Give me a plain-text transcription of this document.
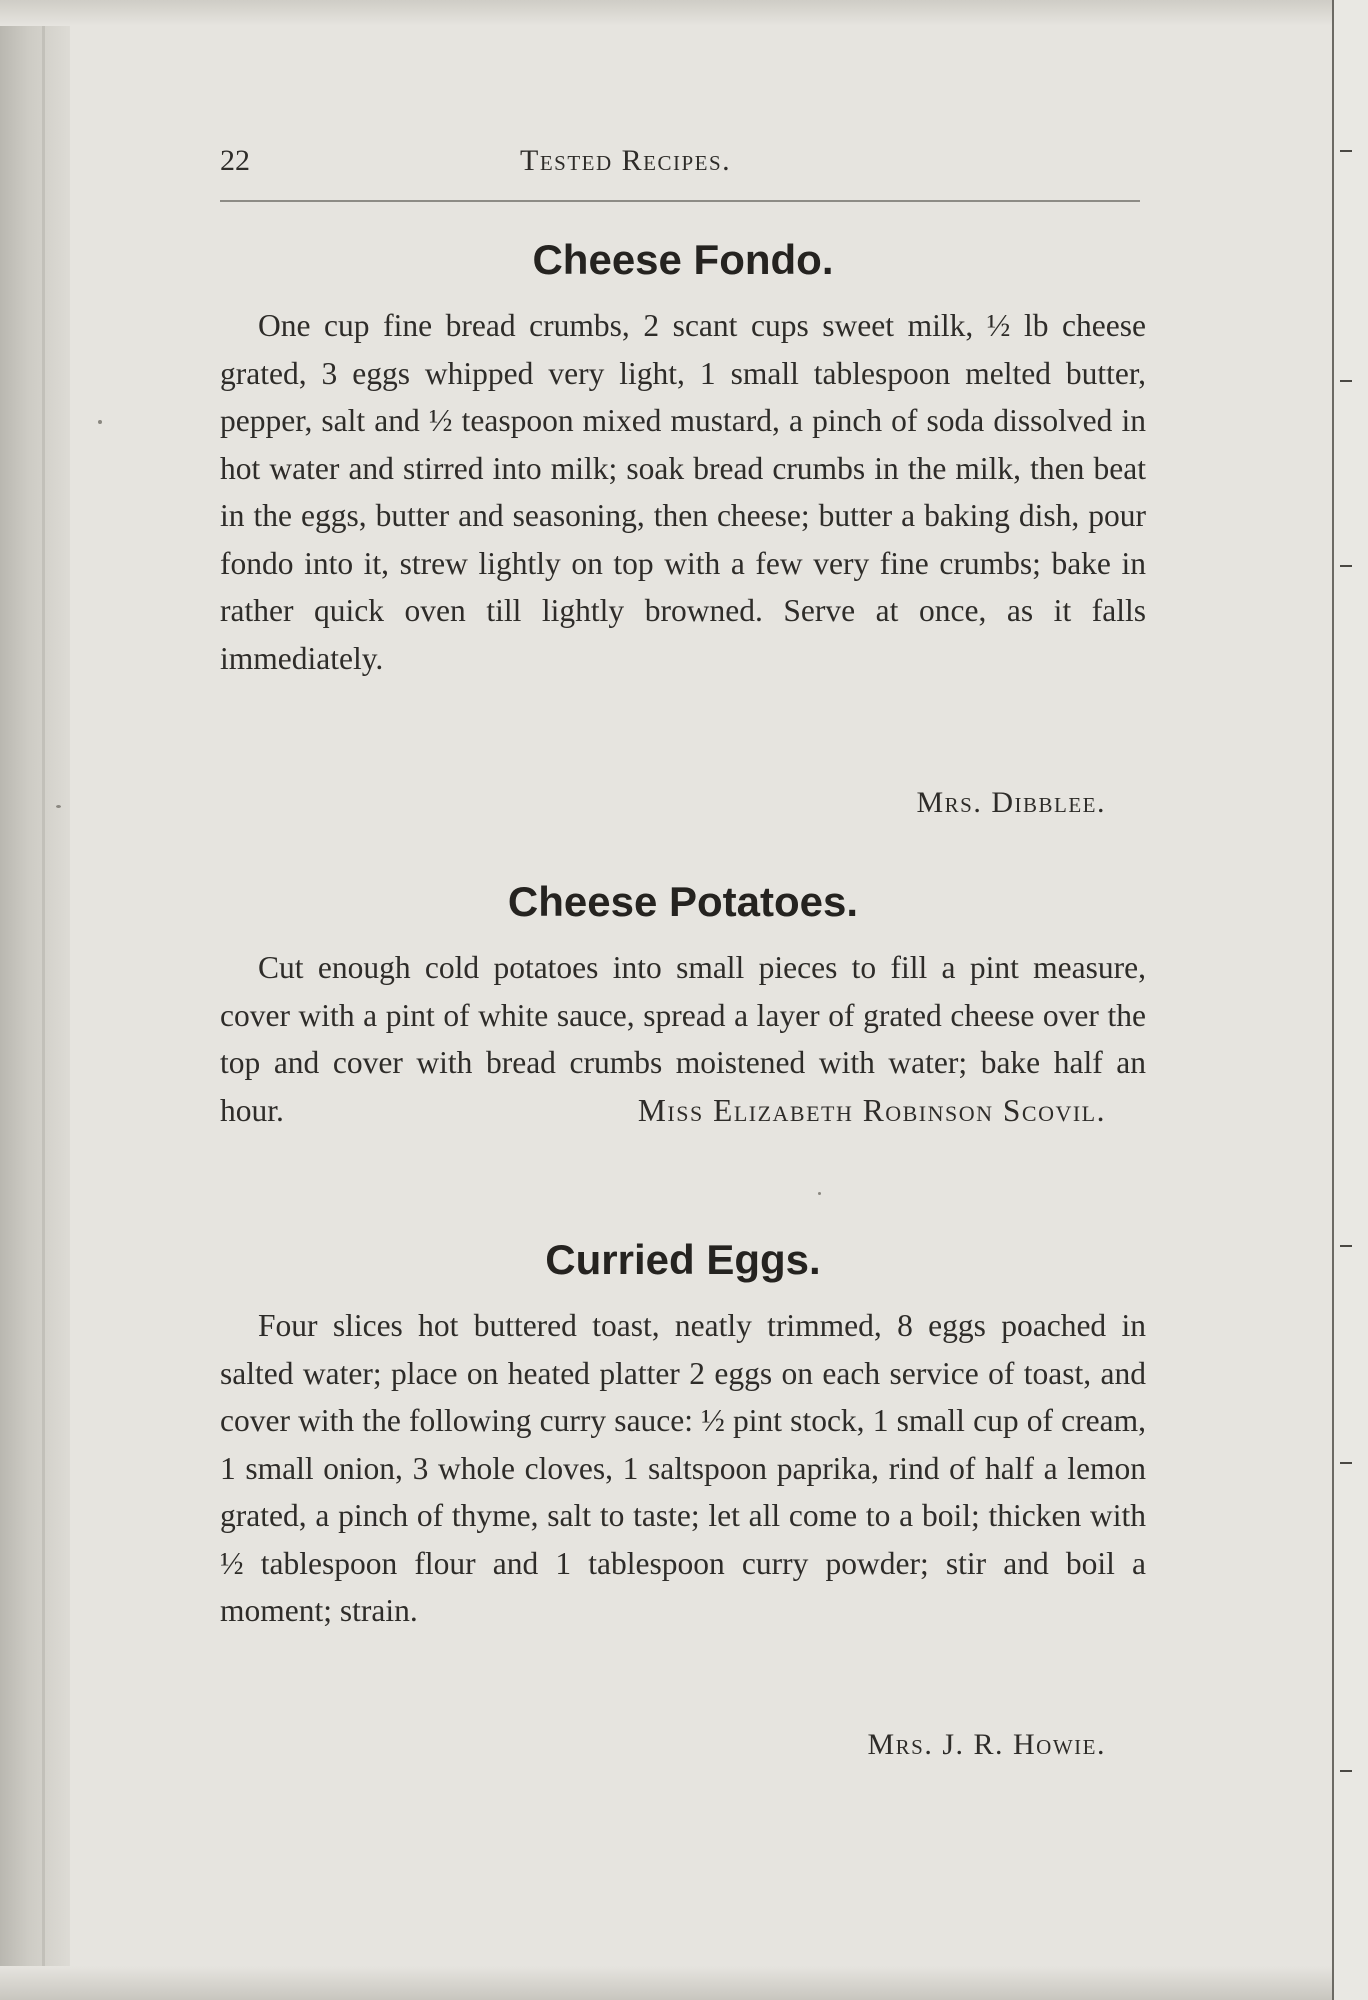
22	Tested Recipes.
Cheese Fondo.
One cup fine bread crumbs, 2 scant cups sweet milk, ½ lb cheese grated, 3 eggs whipped very light, 1 small tablespoon melted butter, pepper, salt and ½ teaspoon mixed mustard, a pinch of soda dissolved in hot water and stirred into milk; soak bread crumbs in the milk, then beat in the eggs, butter and seasoning, then cheese; butter a baking dish, pour fondo into it, strew lightly on top with a few very fine crumbs; bake in rather quick oven till lightly browned. Serve at once, as it falls immediately.
Mrs. Dibblee.
Cheese Potatoes.
Cut enough cold potatoes into small pieces to fill a pint measure, cover with a pint of white sauce, spread a layer of grated cheese over the top and cover with bread crumbs moistened with water; bake half an hour.	Miss Elizabeth Robinson Scovil.
Curried Eggs.
Four slices hot buttered toast, neatly trimmed, 8 eggs poached in salted water; place on heated platter 2 eggs on each service of toast, and cover with the following curry sauce: ½ pint stock, 1 small cup of cream, 1 small onion, 3 whole cloves, 1 saltspoon paprika, rind of half a lemon grated, a pinch of thyme, salt to taste; let all come to a boil; thicken with ½ tablespoon flour and 1 tablespoon curry powder; stir and boil a moment; strain.
Mrs. J. R. Howie.
